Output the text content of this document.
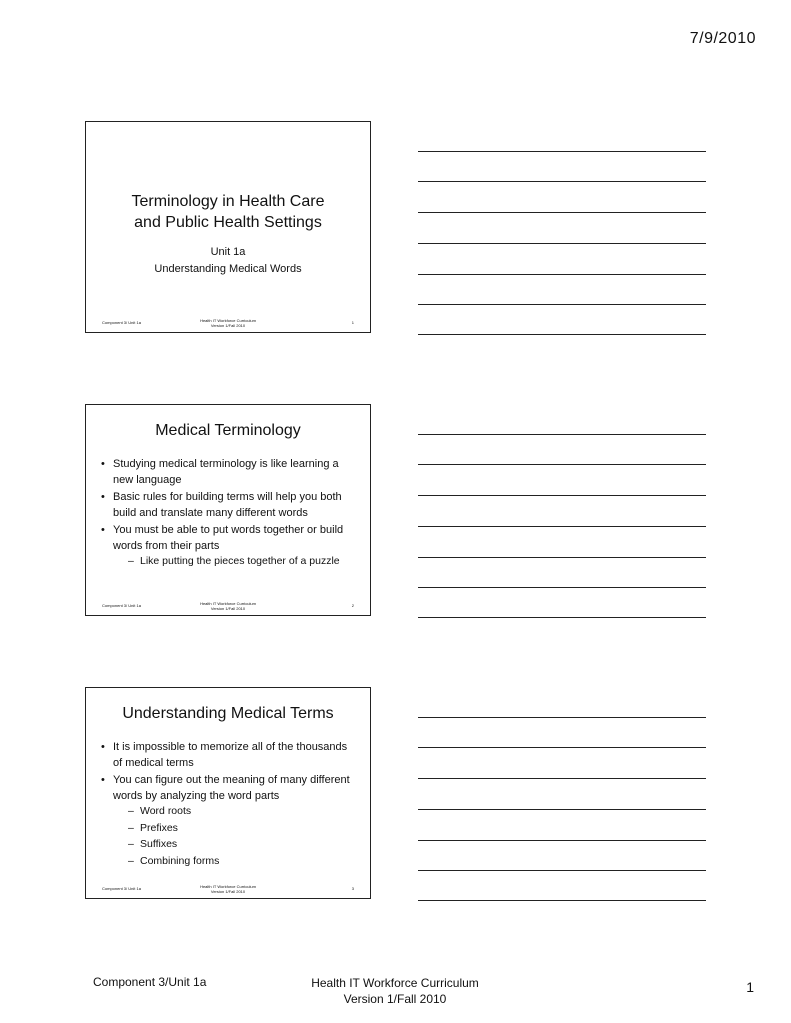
7/9/2010
Terminology in Health Care
and Public Health Settings
Unit 1a
Understanding Medical Words
Component 3/ Unit 1a	Health IT Workforce Curriculum
Version 1/Fall 2010
1
Medical Terminology
• Studying medical terminology is like learning a new language
• Basic rules for building terms will help you both build and translate many different words
• You must be able to put words together or build words from their parts
– Like putting the pieces together of a puzzle
Component 3/ Unit 1a	Health IT Workforce Curriculum
Version 1/Fall 2010
2
Understanding Medical Terms
• It is impossible to memorize all of the thousands of medical terms
• You can figure out the meaning of many different words by analyzing the word parts
– Word roots
– Prefixes
– Suffixes
– Combining forms
Component 3/ Unit 1a	Health IT Workforce Curriculum
Version 1/Fall 2010
3
Component 3/Unit 1a	Health IT Workforce Curriculum
Version 1/Fall 2010
1
